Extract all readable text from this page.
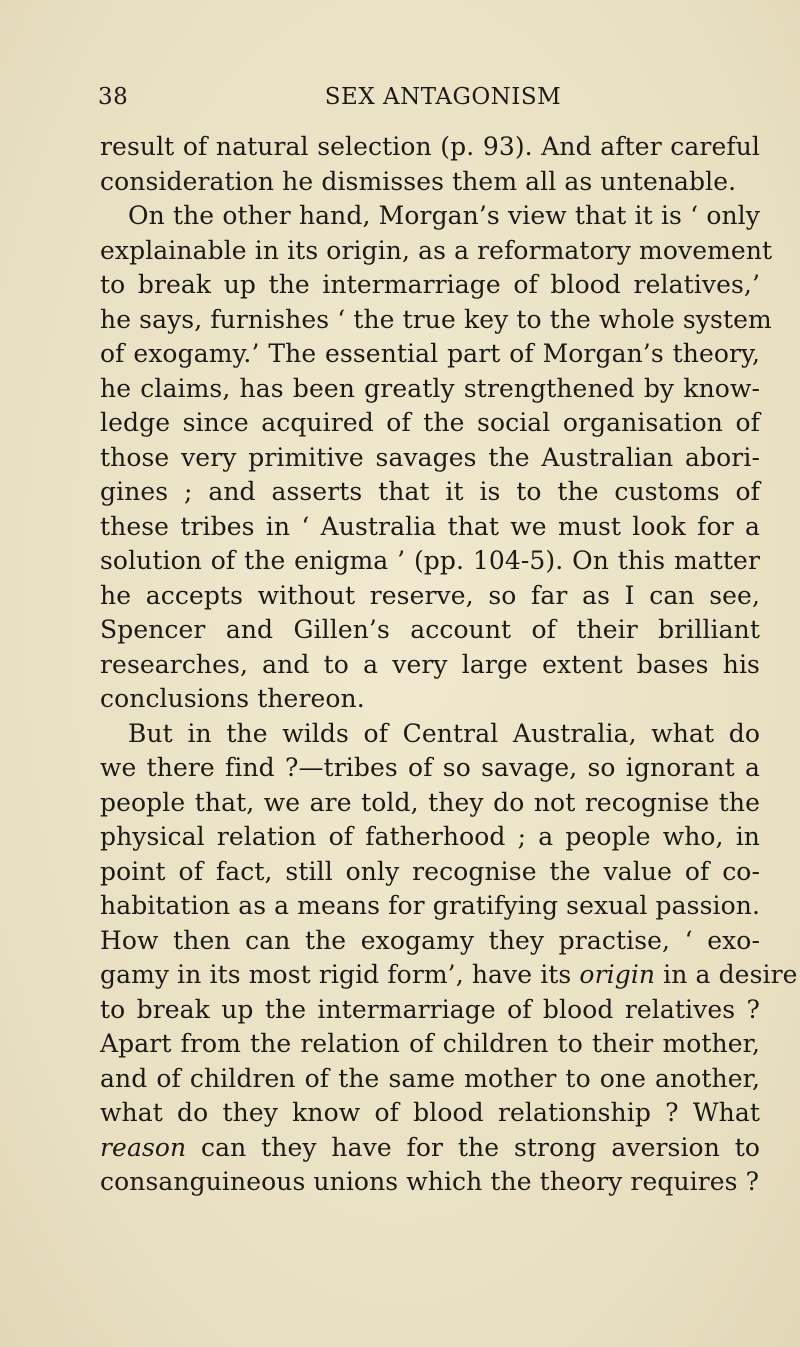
38	SEX ANTAGONISM
result of natural selection (p. 93). And after careful
consideration he dismisses them all as untenable.
On the other hand, Morgan’s view that it is ‘ only
explainable in its origin, as a reformatory movement
to break up the intermarriage of blood relatives,’
he says, furnishes ‘ the true key to the whole system
of exogamy.’ The essential part of Morgan’s theory,
he claims, has been greatly strengthened by know-
ledge since acquired of the social organisation of
those very primitive savages the Australian abori-
gines ; and asserts that it is to the customs of
these tribes in ‘ Australia that we must look for a
solution of the enigma ’ (pp. 104-5). On this matter
he accepts without reserve, so far as I can see,
Spencer and Gillen’s account of their brilliant
researches, and to a very large extent bases his
conclusions thereon.
But in the wilds of Central Australia, what do
we there find ?—tribes of so savage, so ignorant a
people that, we are told, they do not recognise the
physical relation of fatherhood ; a people who, in
point of fact, still only recognise the value of co-
habitation as a means for gratifying sexual passion.
How then can the exogamy they practise, ‘ exo-
gamy in its most rigid form’, have its origin in a desire
to break up the intermarriage of blood relatives ?
Apart from the relation of children to their mother,
and of children of the same mother to one another,
what do they know of blood relationship ? What
reason can they have for the strong aversion to
consanguineous unions which the theory requires ?
